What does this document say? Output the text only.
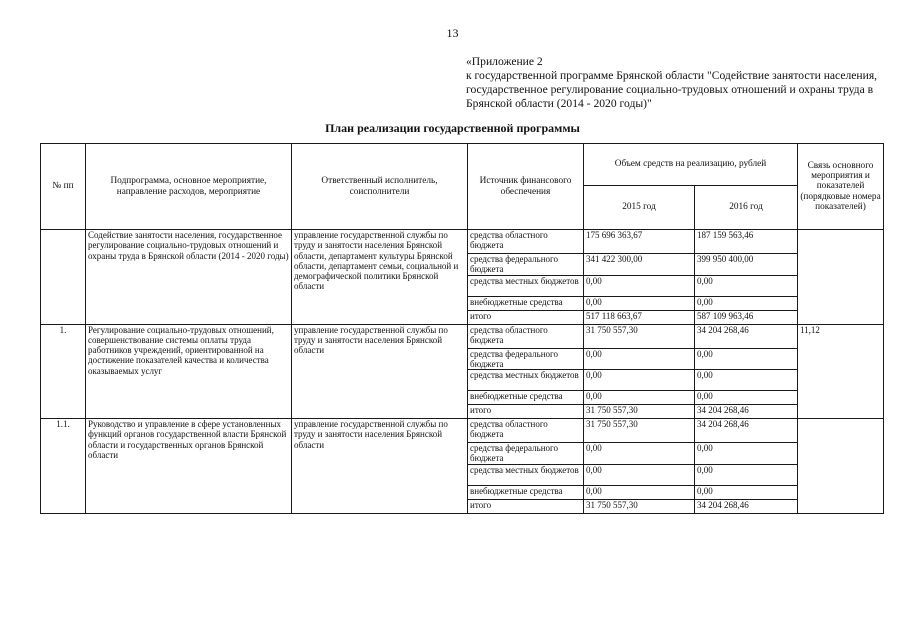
13
«Приложение 2
к государственной программе Брянской области "Содействие занятости населения, государственное регулирование социально-трудовых отношений и охраны труда в Брянской области (2014 - 2020 годы)"
План реализации государственной программы
№ пп	Подпрограмма, основное мероприятие, направление расходов, мероприятие	Ответственный исполнитель, соисполнители	Источник финансового обеспечения	Объем средств на реализацию, рублей		Связь основного мероприятия и показателей (порядковые номера показателей)
				2015 год	2016 год	
	Содействие занятости населения, государственное регулирование социально-трудовых отношений и охраны труда в Брянской области (2014 - 2020 годы)	управление государственной службы по труду и занятости населения Брянской области, департамент культуры Брянской области, департамент семьи, социальной и демографической политики Брянской области	средства областного бюджета	175 696 363,67	187 159 563,46	
			средства федерального бюджета	341 422 300,00	399 950 400,00	
			средства местных бюджетов	0,00	0,00	
			внебюджетные средства	0,00	0,00	
			итого	517 118 663,67	587 109 963,46	
1.	Регулирование социально-трудовых отношений, совершенствование системы оплаты труда работников учреждений, ориентированной на достижение показателей качества и количества оказываемых услуг	управление государственной службы по труду и занятости населения Брянской области	средства областного бюджета	31 750 557,30	34 204 268,46	11,12
			средства федерального бюджета	0,00	0,00	
			средства местных бюджетов	0,00	0,00	
			внебюджетные средства	0,00	0,00	
			итого	31 750 557,30	34 204 268,46	
1.1.	Руководство и управление в сфере установленных функций органов государственной власти Брянской области и государственных органов Брянской области	управление государственной службы по труду и занятости населения Брянской области	средства областного бюджета	31 750 557,30	34 204 268,46	
			средства федерального бюджета	0,00	0,00	
			средства местных бюджетов	0,00	0,00	
			внебюджетные средства	0,00	0,00	
			итого	31 750 557,30	34 204 268,46	
